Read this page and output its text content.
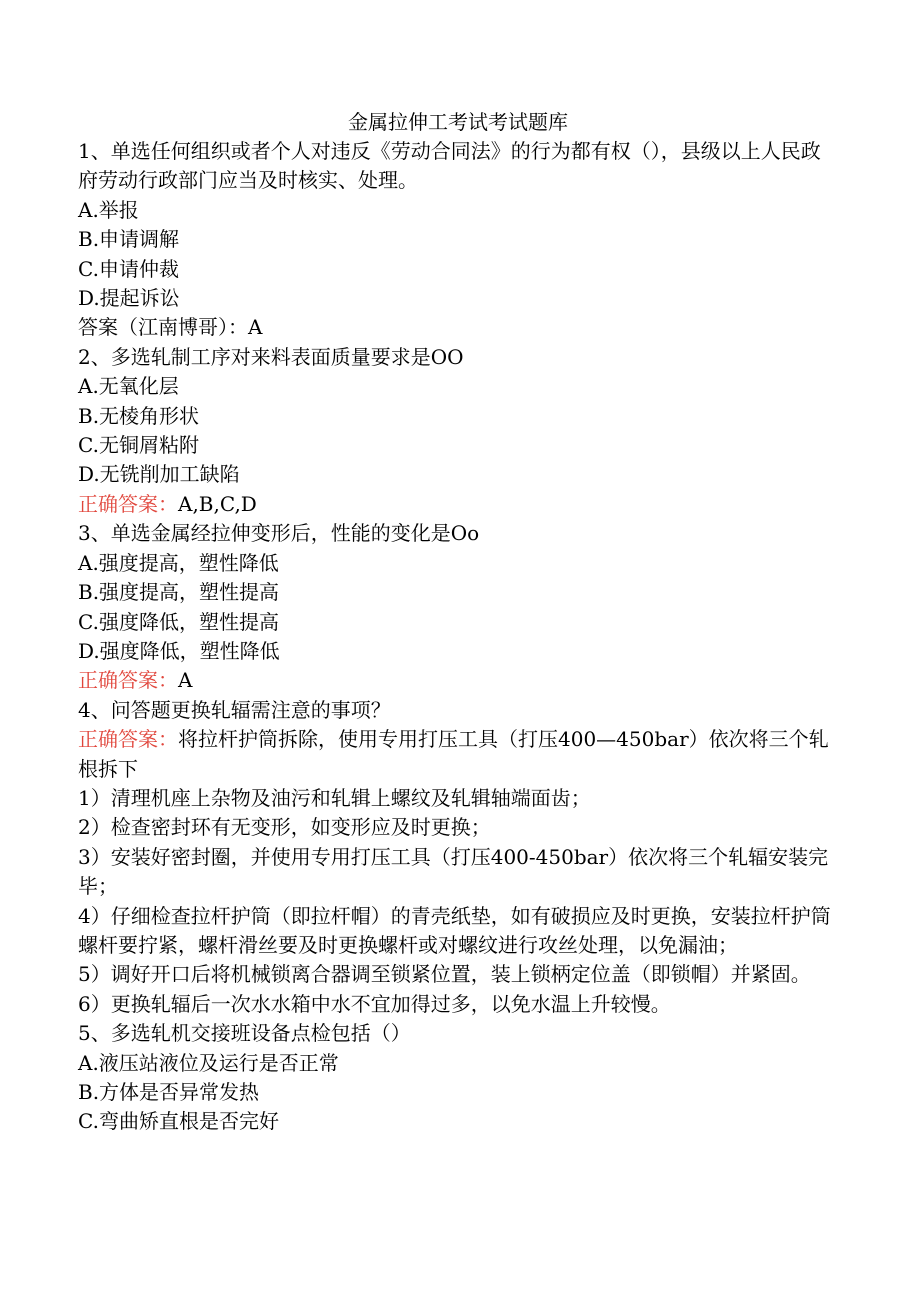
金属拉伸工考试考试题库
1、单选任何组织或者个人对违反《劳动合同法》的行为都有权（），县级以上人民政府劳动行政部门应当及时核实、处理。
A.举报
B.申请调解
C.申请仲裁
D.提起诉讼
答案（江南博哥）：A
2、多选轧制工序对来料表面质量要求是OO
A.无氧化层
B.无棱角形状
C.无铜屑粘附
D.无铣削加工缺陷
正确答案：A,B,C,D
3、单选金属经拉伸变形后，性能的变化是Oo
A.强度提高，塑性降低
B.强度提高，塑性提高
C.强度降低，塑性提高
D.强度降低，塑性降低
正确答案：A
4、问答题更换轧辐需注意的事项？
正确答案：将拉杆护筒拆除，使用专用打压工具（打压400—450bar）依次将三个轧根拆下
1）清理机座上杂物及油污和轧辑上螺纹及轧辑轴端面齿；
2）检查密封环有无变形，如变形应及时更换；
3）安装好密封圈，并使用专用打压工具（打压400-450bar）依次将三个轧辐安装完毕；
4）仔细检查拉杆护筒（即拉杆帽）的青壳纸垫，如有破损应及时更换，安装拉杆护筒螺杆要拧紧，螺杆滑丝要及时更换螺杆或对螺纹进行攻丝处理，以免漏油；
5）调好开口后将机械锁离合器调至锁紧位置，装上锁柄定位盖（即锁帽）并紧固。
6）更换轧辐后一次水水箱中水不宜加得过多，以免水温上升较慢。
5、多选轧机交接班设备点检包括（）
A.液压站液位及运行是否正常
B.方体是否异常发热
C.弯曲矫直根是否完好
